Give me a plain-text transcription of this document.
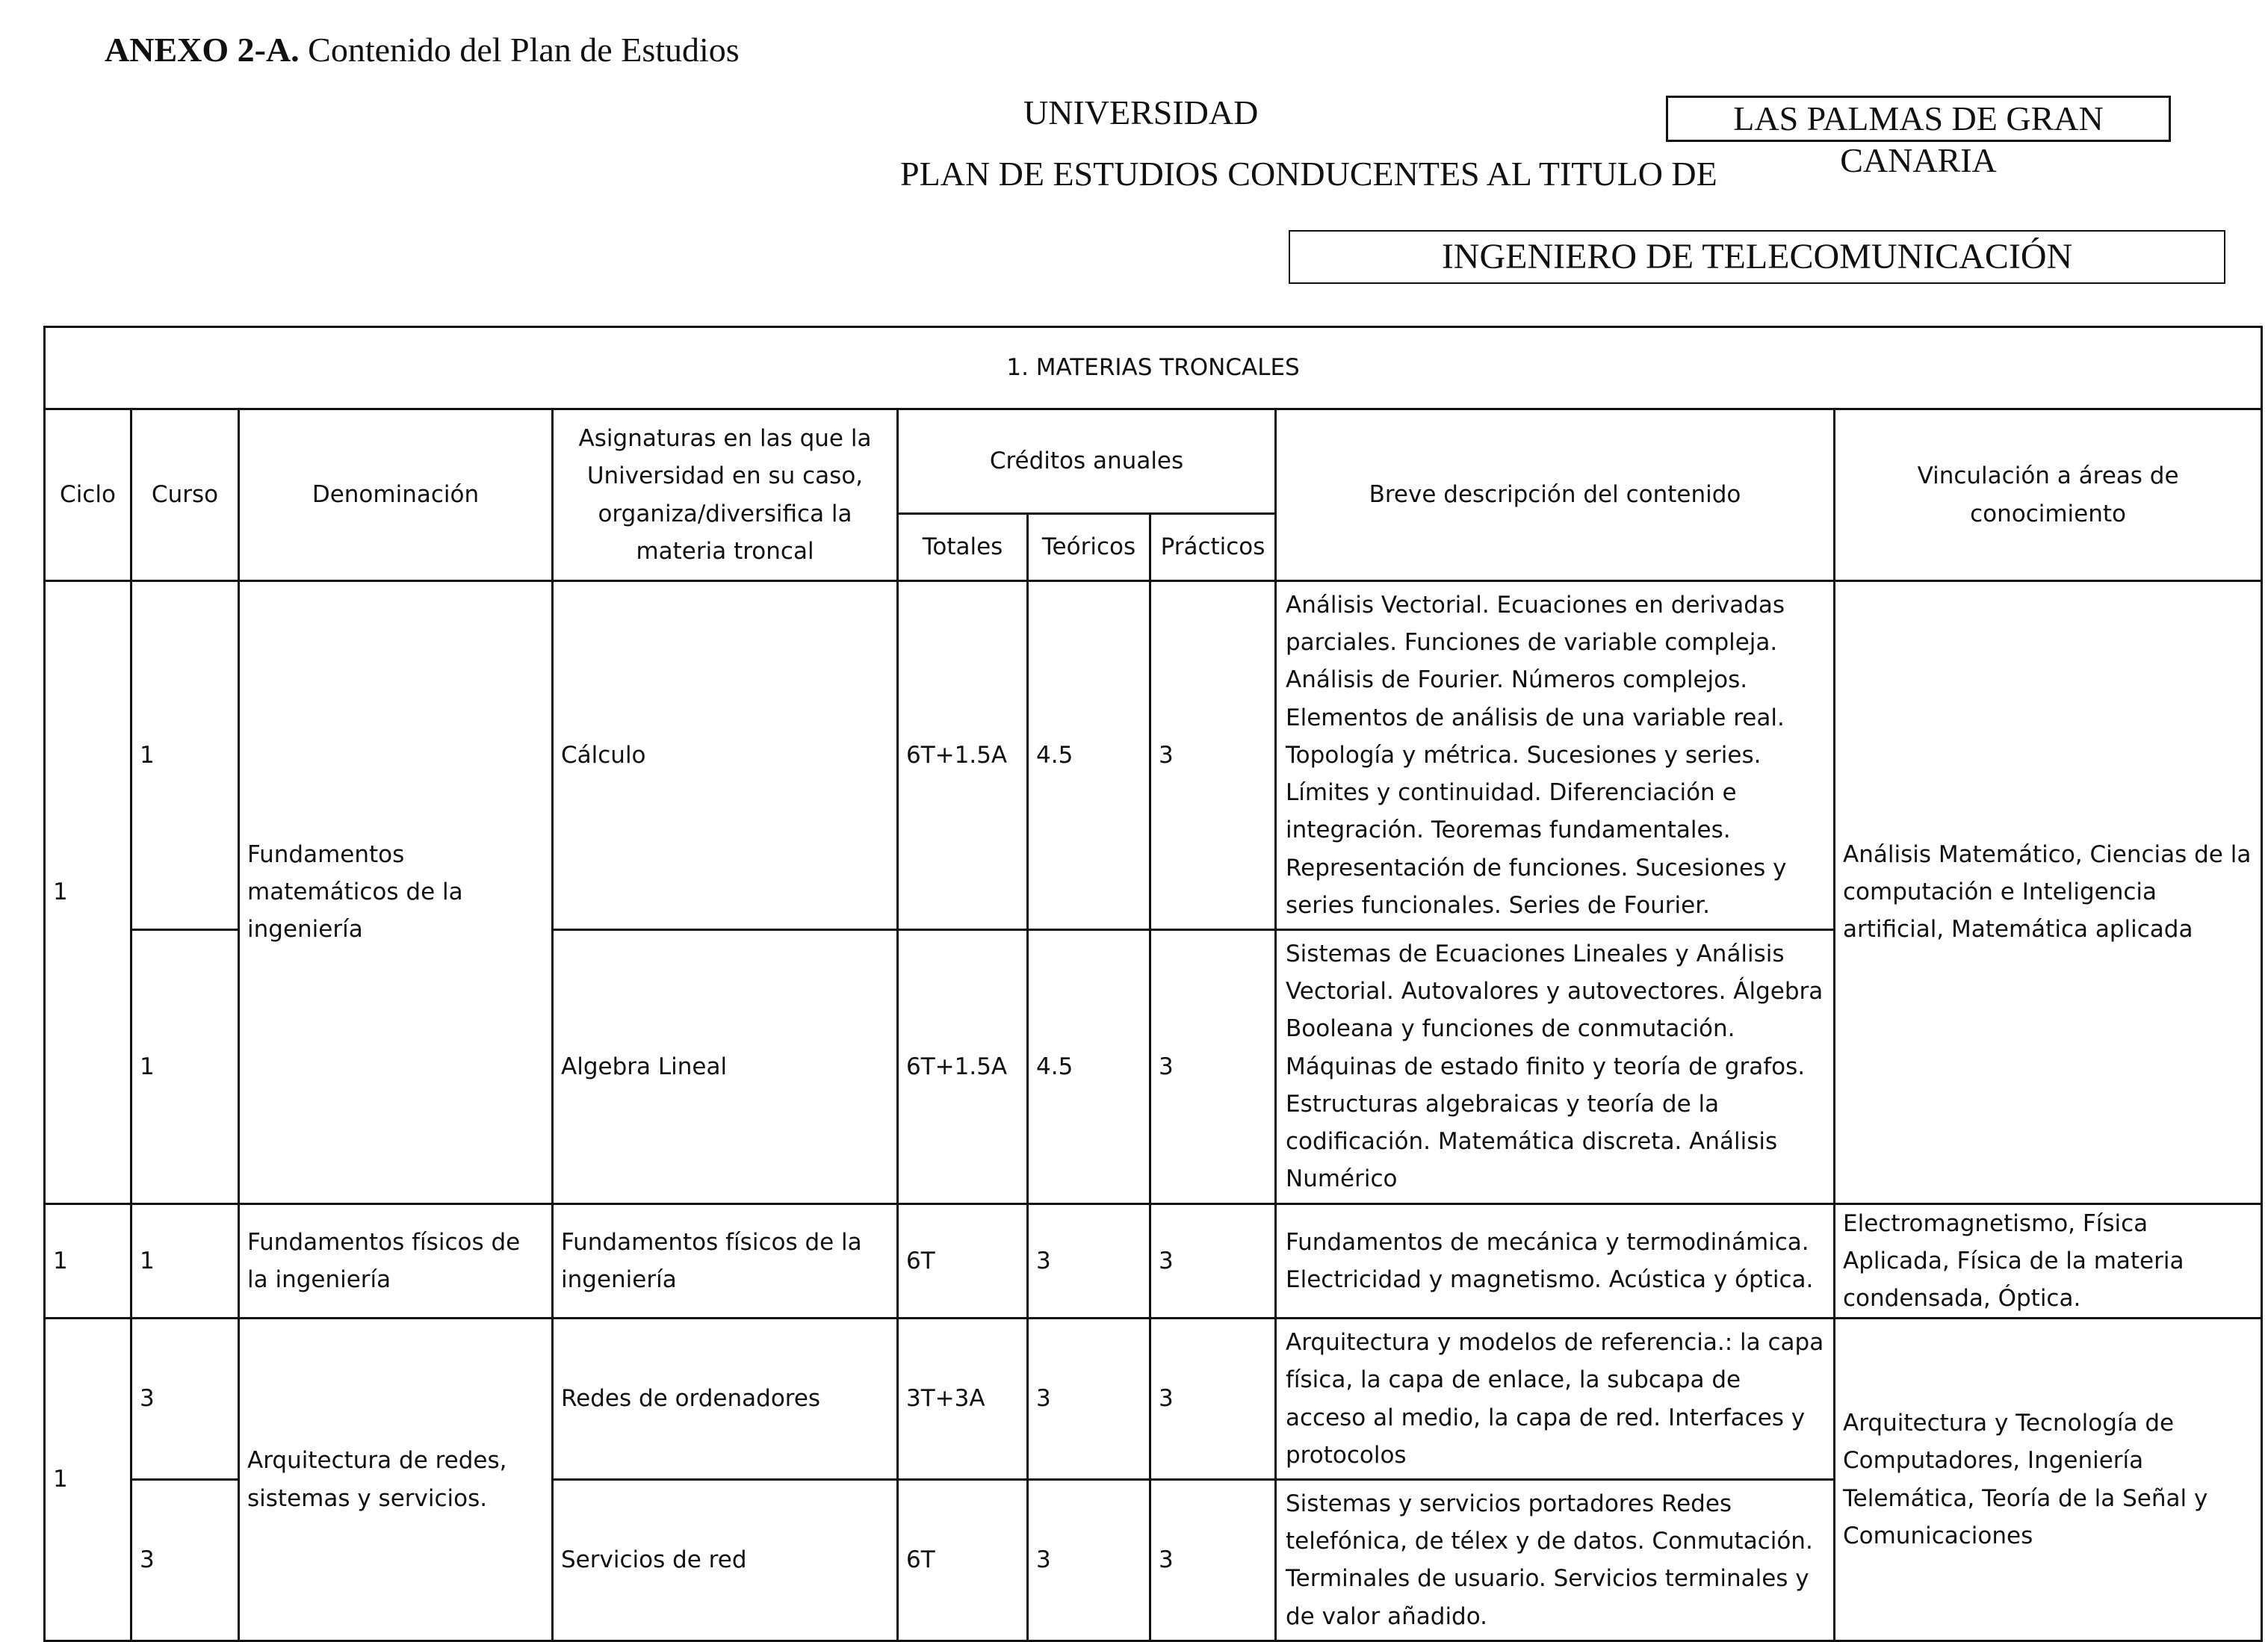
ANEXO 2-A. Contenido del Plan de Estudios
UNIVERSIDAD	LAS PALMAS DE GRAN CANARIA
PLAN DE ESTUDIOS CONDUCENTES AL TITULO DE
INGENIERO DE TELECOMUNICACIÓN
1. MATERIAS TRONCALES								
Ciclo	Curso	Denominación	Asignaturas en las que la Universidad en su caso, organiza/diversifica la materia troncal	Créditos anuales			Breve descripción del contenido	Vinculación a áreas de conocimiento
				Totales	Teóricos	Prácticos		
1	1	Fundamentos matemáticos de la ingeniería	Cálculo	6T+1.5A	4.5	3	Análisis Vectorial. Ecuaciones en derivadas parciales. Funciones de variable compleja. Análisis de Fourier. Números complejos. Elementos de análisis de una variable real. Topología y métrica. Sucesiones y series. Límites y continuidad. Diferenciación e integración. Teoremas fundamentales. Representación de funciones. Sucesiones y series funcionales. Series de Fourier.	Análisis Matemático, Ciencias de la computación e Inteligencia artificial, Matemática aplicada
	1		Algebra Lineal	6T+1.5A	4.5	3	Sistemas de Ecuaciones Lineales y Análisis Vectorial. Autovalores y autovectores. Álgebra Booleana y funciones de conmutación. Máquinas de estado finito y teoría de grafos. Estructuras algebraicas y teoría de la codificación. Matemática discreta. Análisis Numérico	
1	1	Fundamentos físicos de la ingeniería	Fundamentos físicos de la ingeniería	6T	3	3	Fundamentos de mecánica y termodinámica. Electricidad y magnetismo. Acústica y óptica.	Electromagnetismo, Física Aplicada, Física de la materia condensada, Óptica.
1	3	Arquitectura de redes, sistemas y servicios.	Redes de ordenadores	3T+3A	3	3	Arquitectura y modelos de referencia.: la capa física, la capa de enlace, la subcapa de acceso al medio, la capa de red. Interfaces y protocolos	Arquitectura y Tecnología de Computadores, Ingeniería Telemática, Teoría de la Señal y Comunicaciones
	3		Servicios de red	6T	3	3	Sistemas y servicios portadores Redes telefónica, de télex y de datos. Conmutación. Terminales de usuario. Servicios terminales y de valor añadido.	
